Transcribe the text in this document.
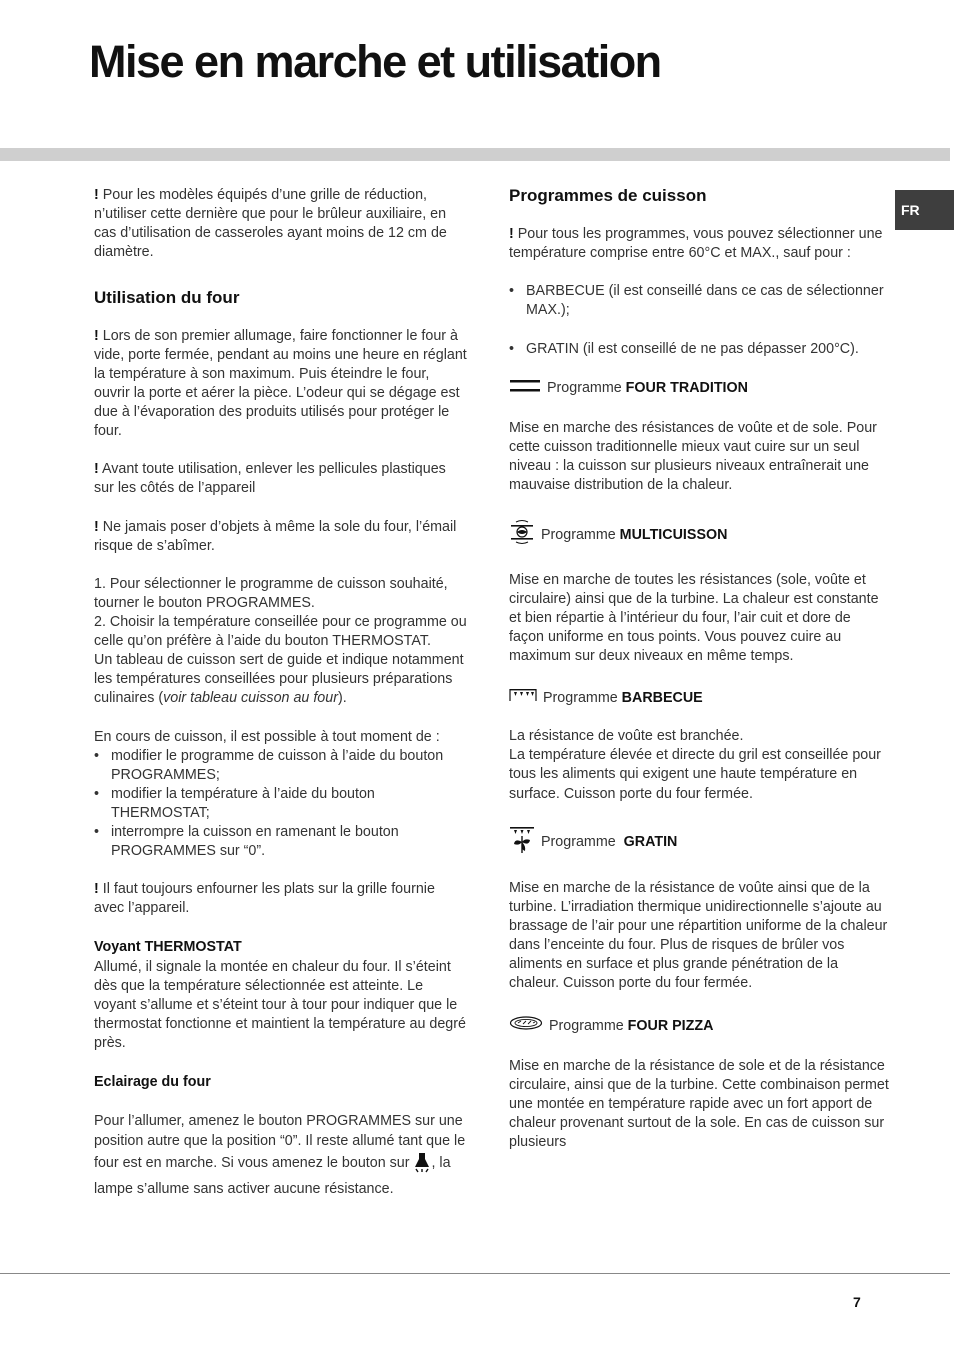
Mise en marche et utilisation
FR

! Pour les modèles équipés d’une grille de réduction, n’utiliser cette dernière que pour le brûleur auxiliaire, en cas d’utilisation de casseroles ayant moins de 12 cm de diamètre.

Utilisation du four

! Lors de son premier allumage, faire fonctionner le four à vide, porte fermée, pendant au moins une heure en réglant la température à son maximum. Puis éteindre le four, ouvrir la porte et aérer la pièce. L’odeur qui se dégage est due à l’évaporation des produits utilisés pour protéger le four.

! Avant toute utilisation, enlever les pellicules plastiques sur les côtés de l’appareil

! Ne jamais poser d’objets à même la sole du four, l’émail risque de s’abîmer.

1. Pour sélectionner le programme de cuisson souhaité, tourner le bouton PROGRAMMES.

2. Choisir la température conseillée pour ce programme ou celle qu’on préfère à l’aide du bouton THERMOSTAT.

Un tableau de cuisson sert de guide et indique notamment les températures conseillées pour plusieurs préparations culinaires (voir tableau cuisson au four).

En cours de cuisson, il est possible à tout moment de :

• modifier le programme de cuisson à l’aide du bouton PROGRAMMES;
• modifier la température à l’aide du bouton THERMOSTAT;
• interrompre la cuisson en ramenant le bouton PROGRAMMES sur “0”.

! Il faut toujours enfourner les plats sur la grille fournie avec l’appareil.

Voyant THERMOSTAT

Allumé, il signale la montée en chaleur du four. Il s’éteint dès que la température sélectionnée est atteinte. Le voyant s’allume et s’éteint tour à tour pour indiquer que le thermostat fonctionne et maintient la température au degré près.

Eclairage du four

Pour l’allumer, amenez le bouton PROGRAMMES sur une position autre que la position “0”. Il reste allumé tant que le four est en marche. Si vous amenez le bouton sur , la lampe s’allume sans activer aucune résistance.

Programmes de cuisson

! Pour tous les programmes, vous pouvez sélectionner une température comprise entre 60°C et MAX., sauf pour :

• BARBECUE (il est conseillé dans ce cas de sélectionner MAX.);
• GRATIN (il est conseillé de ne pas dépasser 200°C).

Programme
FOUR TRADITION

Mise en marche des résistances de voûte et de sole. Pour cette cuisson traditionnelle mieux vaut cuire sur un seul niveau : la cuisson sur plusieurs niveaux entraînerait une mauvaise distribution de la chaleur.

Programme
MULTICUISSON

Mise en marche de toutes les résistances (sole, voûte et circulaire) ainsi que de la turbine. La chaleur est constante et bien répartie à l’intérieur du four, l’air cuit et dore de façon uniforme en tous points. Vous pouvez cuire au maximum sur deux niveaux en même temps.

Programme
BARBECUE

La résistance de voûte est branchée.

La température élevée et directe du gril est conseillée pour tous les aliments qui exigent une haute température en surface. Cuisson porte du four fermée.

Programme
GRATIN

Mise en marche de la résistance de voûte ainsi que de la turbine. L’irradiation thermique unidirectionnelle s’ajoute au brassage de l’air pour une répartition uniforme de la chaleur dans l’enceinte du four. Plus de risques de brûler vos aliments en surface et plus grande pénétration de la chaleur. Cuisson porte du four fermée.

Programme
FOUR PIZZA

Mise en marche de la résistance de sole et de la résistance circulaire, ainsi que de la turbine. Cette combinaison permet une montée en température rapide avec un fort apport de chaleur provenant surtout de la sole. En cas de cuisson sur plusieurs

7
